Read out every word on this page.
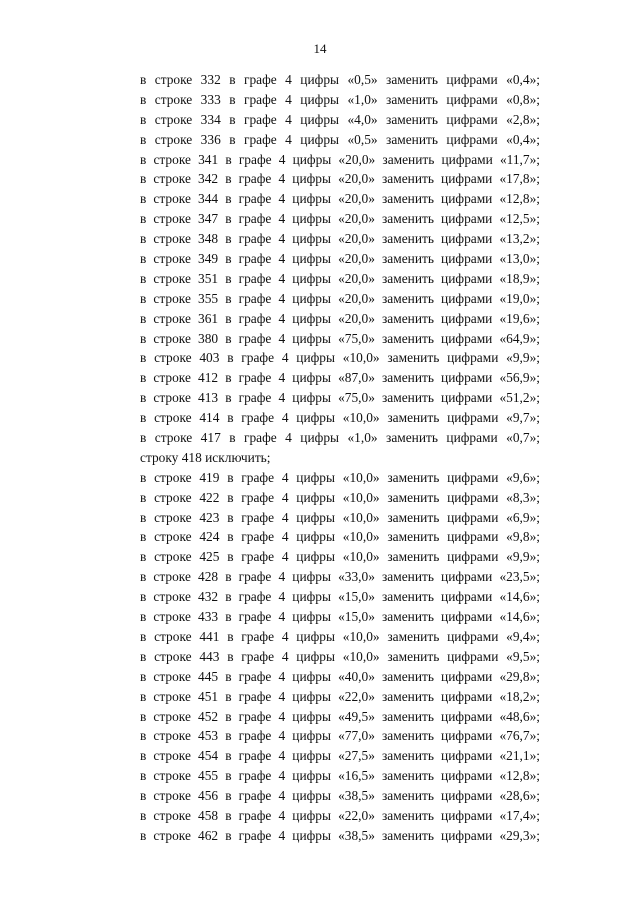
14
в строке 332 в графе 4 цифры «0,5» заменить цифрами «0,4»;
в строке 333 в графе 4 цифры «1,0» заменить цифрами «0,8»;
в строке 334 в графе 4 цифры «4,0» заменить цифрами «2,8»;
в строке 336 в графе 4 цифры «0,5» заменить цифрами «0,4»;
в строке 341 в графе 4 цифры «20,0» заменить цифрами «11,7»;
в строке 342 в графе 4 цифры «20,0» заменить цифрами «17,8»;
в строке 344 в графе 4 цифры «20,0» заменить цифрами «12,8»;
в строке 347 в графе 4 цифры «20,0» заменить цифрами «12,5»;
в строке 348 в графе 4 цифры «20,0» заменить цифрами «13,2»;
в строке 349 в графе 4 цифры «20,0» заменить цифрами «13,0»;
в строке 351 в графе 4 цифры «20,0» заменить цифрами «18,9»;
в строке 355 в графе 4 цифры «20,0» заменить цифрами «19,0»;
в строке 361 в графе 4 цифры «20,0» заменить цифрами «19,6»;
в строке 380 в графе 4 цифры «75,0» заменить цифрами «64,9»;
в строке 403 в графе 4 цифры «10,0» заменить цифрами «9,9»;
в строке 412 в графе 4 цифры «87,0» заменить цифрами «56,9»;
в строке 413 в графе 4 цифры «75,0» заменить цифрами «51,2»;
в строке 414 в графе 4 цифры «10,0» заменить цифрами «9,7»;
в строке 417 в графе 4 цифры «1,0» заменить цифрами «0,7»;
строку 418 исключить;
в строке 419 в графе 4 цифры «10,0» заменить цифрами «9,6»;
в строке 422 в графе 4 цифры «10,0» заменить цифрами «8,3»;
в строке 423 в графе 4 цифры «10,0» заменить цифрами «6,9»;
в строке 424 в графе 4 цифры «10,0» заменить цифрами «9,8»;
в строке 425 в графе 4 цифры «10,0» заменить цифрами «9,9»;
в строке 428 в графе 4 цифры «33,0» заменить цифрами «23,5»;
в строке 432 в графе 4 цифры «15,0» заменить цифрами «14,6»;
в строке 433 в графе 4 цифры «15,0» заменить цифрами «14,6»;
в строке 441 в графе 4 цифры «10,0» заменить цифрами «9,4»;
в строке 443 в графе 4 цифры «10,0» заменить цифрами «9,5»;
в строке 445 в графе 4 цифры «40,0» заменить цифрами «29,8»;
в строке 451 в графе 4 цифры «22,0» заменить цифрами «18,2»;
в строке 452 в графе 4 цифры «49,5» заменить цифрами «48,6»;
в строке 453 в графе 4 цифры «77,0» заменить цифрами «76,7»;
в строке 454 в графе 4 цифры «27,5» заменить цифрами «21,1»;
в строке 455 в графе 4 цифры «16,5» заменить цифрами «12,8»;
в строке 456 в графе 4 цифры «38,5» заменить цифрами «28,6»;
в строке 458 в графе 4 цифры «22,0» заменить цифрами «17,4»;
в строке 462 в графе 4 цифры «38,5» заменить цифрами «29,3»;
